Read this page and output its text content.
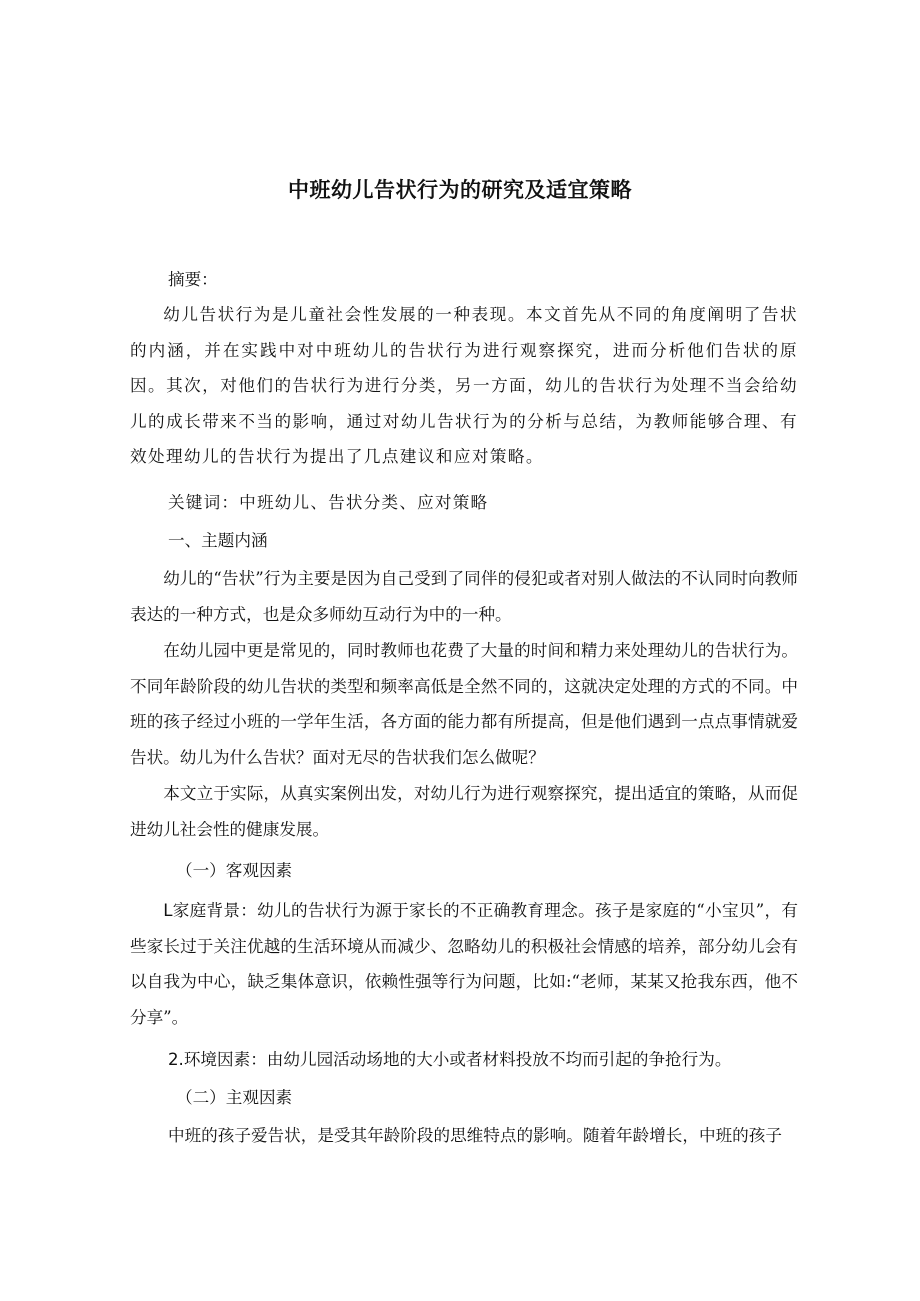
中班幼儿告状行为的研究及适宜策略
摘要：

幼儿告状行为是儿童社会性发展的一种表现。本文首先从不同的角度阐明了告状的内涵，并在实践中对中班幼儿的告状行为进行观察探究，进而分析他们告状的原因。其次，对他们的告状行为进行分类，另一方面，幼儿的告状行为处理不当会给幼儿的成长带来不当的影响，通过对幼儿告状行为的分析与总结，为教师能够合理、有效处理幼儿的告状行为提出了几点建议和应对策略。

关键词：中班幼儿、告状分类、应对策略
一、主题内涵

幼儿的“告状”行为主要是因为自己受到了同伴的侵犯或者对别人做法的不认同时向教师表达的一种方式，也是众多师幼互动行为中的一种。

在幼儿园中更是常见的，同时教师也花费了大量的时间和精力来处理幼儿的告状行为。不同年龄阶段的幼儿告状的类型和频率高低是全然不同的，这就决定处理的方式的不同。中班的孩子经过小班的一学年生活，各方面的能力都有所提高，但是他们遇到一点点事情就爱告状。幼儿为什么告状？面对无尽的告状我们怎么做呢？

本文立于实际，从真实案例出发，对幼儿行为进行观察探究，提出适宜的策略，从而促进幼儿社会性的健康发展。

（一）客观因素

L家庭背景：幼儿的告状行为源于家长的不正确教育理念。孩子是家庭的“小宝贝”，有些家长过于关注优越的生活环境从而减少、忽略幼儿的积极社会情感的培养，部分幼儿会有以自我为中心，缺乏集体意识，依赖性强等行为问题，比如:“老师，某某又抢我东西，他不分享”。

2.环境因素：由幼儿园活动场地的大小或者材料投放不均而引起的争抢行为。
（二）主观因素
中班的孩子爱告状，是受其年龄阶段的思维特点的影响。随着年龄增长，中班的孩子
